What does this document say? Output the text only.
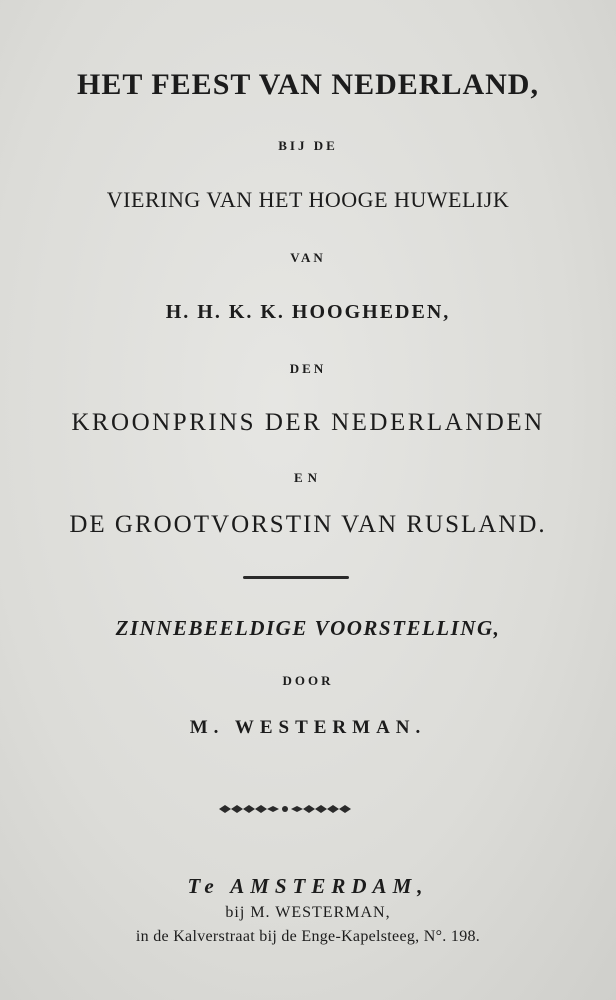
HET FEEST VAN NEDERLAND,
BIJ DE
VIERING VAN HET HOOGE HUWELIJK
VAN
H. H. K. K. HOOGHEDEN,
DEN
KROONPRINS DER NEDERLANDEN
EN
DE GROOTVORSTIN VAN RUSLAND.
ZINNEBEELDIGE VOORSTELLING,
DOOR
M. WESTERMAN.
Te AMSTERDAM,
bij M. WESTERMAN,
in de Kalverstraat bij de Enge-Kapelsteeg, N°. 198.
